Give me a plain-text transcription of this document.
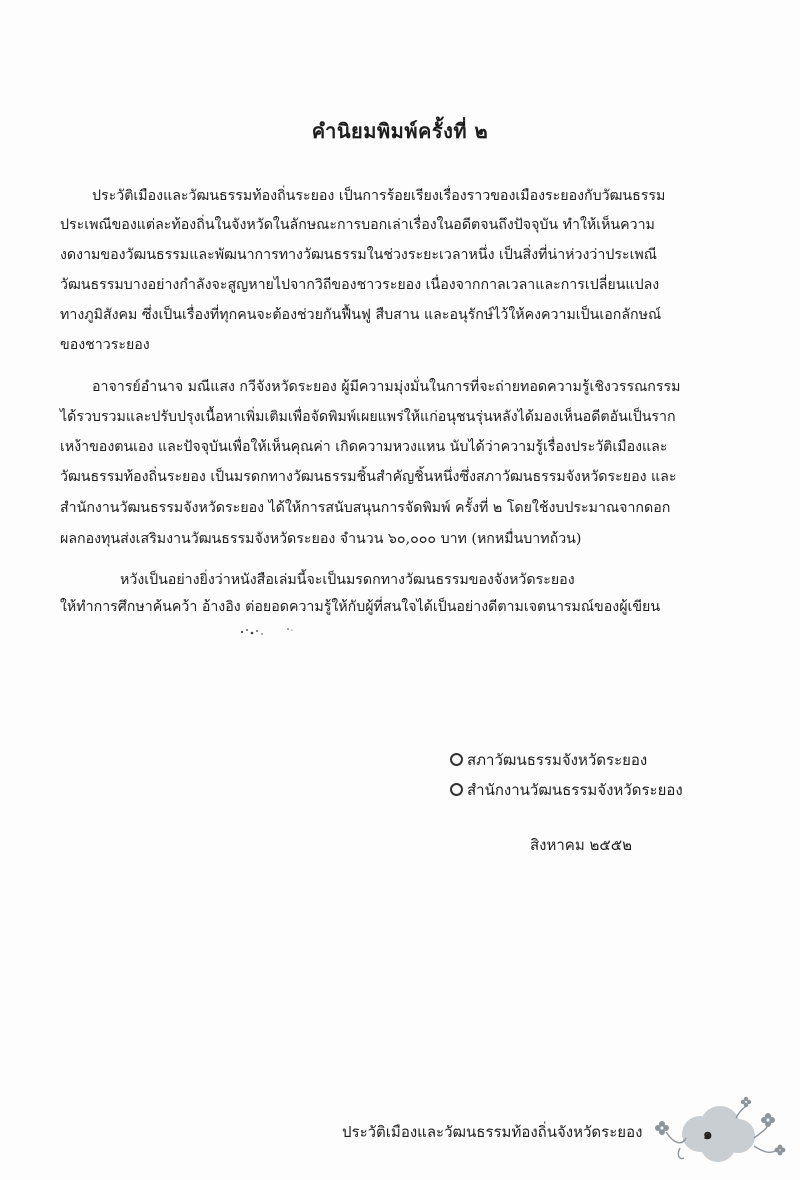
คำนิยมพิมพ์ครั้งที่ ๒
ประวัติเมืองและวัฒนธรรมท้องถิ่นระยอง เป็นการร้อยเรียงเรื่องราวของเมืองระยองกับวัฒนธรรม
ประเพณีของแต่ละท้องถิ่นในจังหวัดในลักษณะการบอกเล่าเรื่องในอดีตจนถึงปัจจุบัน ทำให้เห็นความ
งดงามของวัฒนธรรมและพัฒนาการทางวัฒนธรรมในช่วงระยะเวลาหนึ่ง เป็นสิ่งที่น่าห่วงว่าประเพณี
วัฒนธรรมบางอย่างกำลังจะสูญหายไปจากวิถีของชาวระยอง เนื่องจากกาลเวลาและการเปลี่ยนแปลง
ทางภูมิสังคม ซึ่งเป็นเรื่องที่ทุกคนจะต้องช่วยกันฟื้นฟู สืบสาน และอนุรักษ์ไว้ให้คงความเป็นเอกลักษณ์
ของชาวระยอง
อาจารย์อำนาจ มณีแสง กวีจังหวัดระยอง ผู้มีความมุ่งมั่นในการที่จะถ่ายทอดความรู้เชิงวรรณกรรม
ได้รวบรวมและปรับปรุงเนื้อหาเพิ่มเติมเพื่อจัดพิมพ์เผยแพร่ให้แก่อนุชนรุ่นหลังได้มองเห็นอดีตอันเป็นราก
เหง้าของตนเอง และปัจจุบันเพื่อให้เห็นคุณค่า เกิดความหวงแหน นับได้ว่าความรู้เรื่องประวัติเมืองและ
วัฒนธรรมท้องถิ่นระยอง เป็นมรดกทางวัฒนธรรมชิ้นสำคัญชิ้นหนึ่งซึ่งสภาวัฒนธรรมจังหวัดระยอง และ
สำนักงานวัฒนธรรมจังหวัดระยอง ได้ให้การสนับสนุนการจัดพิมพ์ ครั้งที่ ๒ โดยใช้งบประมาณจากดอก
ผลกองทุนส่งเสริมงานวัฒนธรรมจังหวัดระยอง จำนวน ๖๐,๐๐๐ บาท (หกหมื่นบาทถ้วน)
หวังเป็นอย่างยิ่งว่าหนังสือเล่มนี้จะเป็นมรดกทางวัฒนธรรมของจังหวัดระยอง
ให้ทำการศึกษาค้นคว้า อ้างอิง ต่อยอดความรู้ให้กับผู้ที่สนใจได้เป็นอย่างดีตามเจตนารมณ์ของผู้เขียน
สภาวัฒนธรรมจังหวัดระยอง
สำนักงานวัฒนธรรมจังหวัดระยอง
สิงหาคม ๒๕๕๒
ประวัติเมืองและวัฒนธรรมท้องถิ่นจังหวัดระยอง	๑
